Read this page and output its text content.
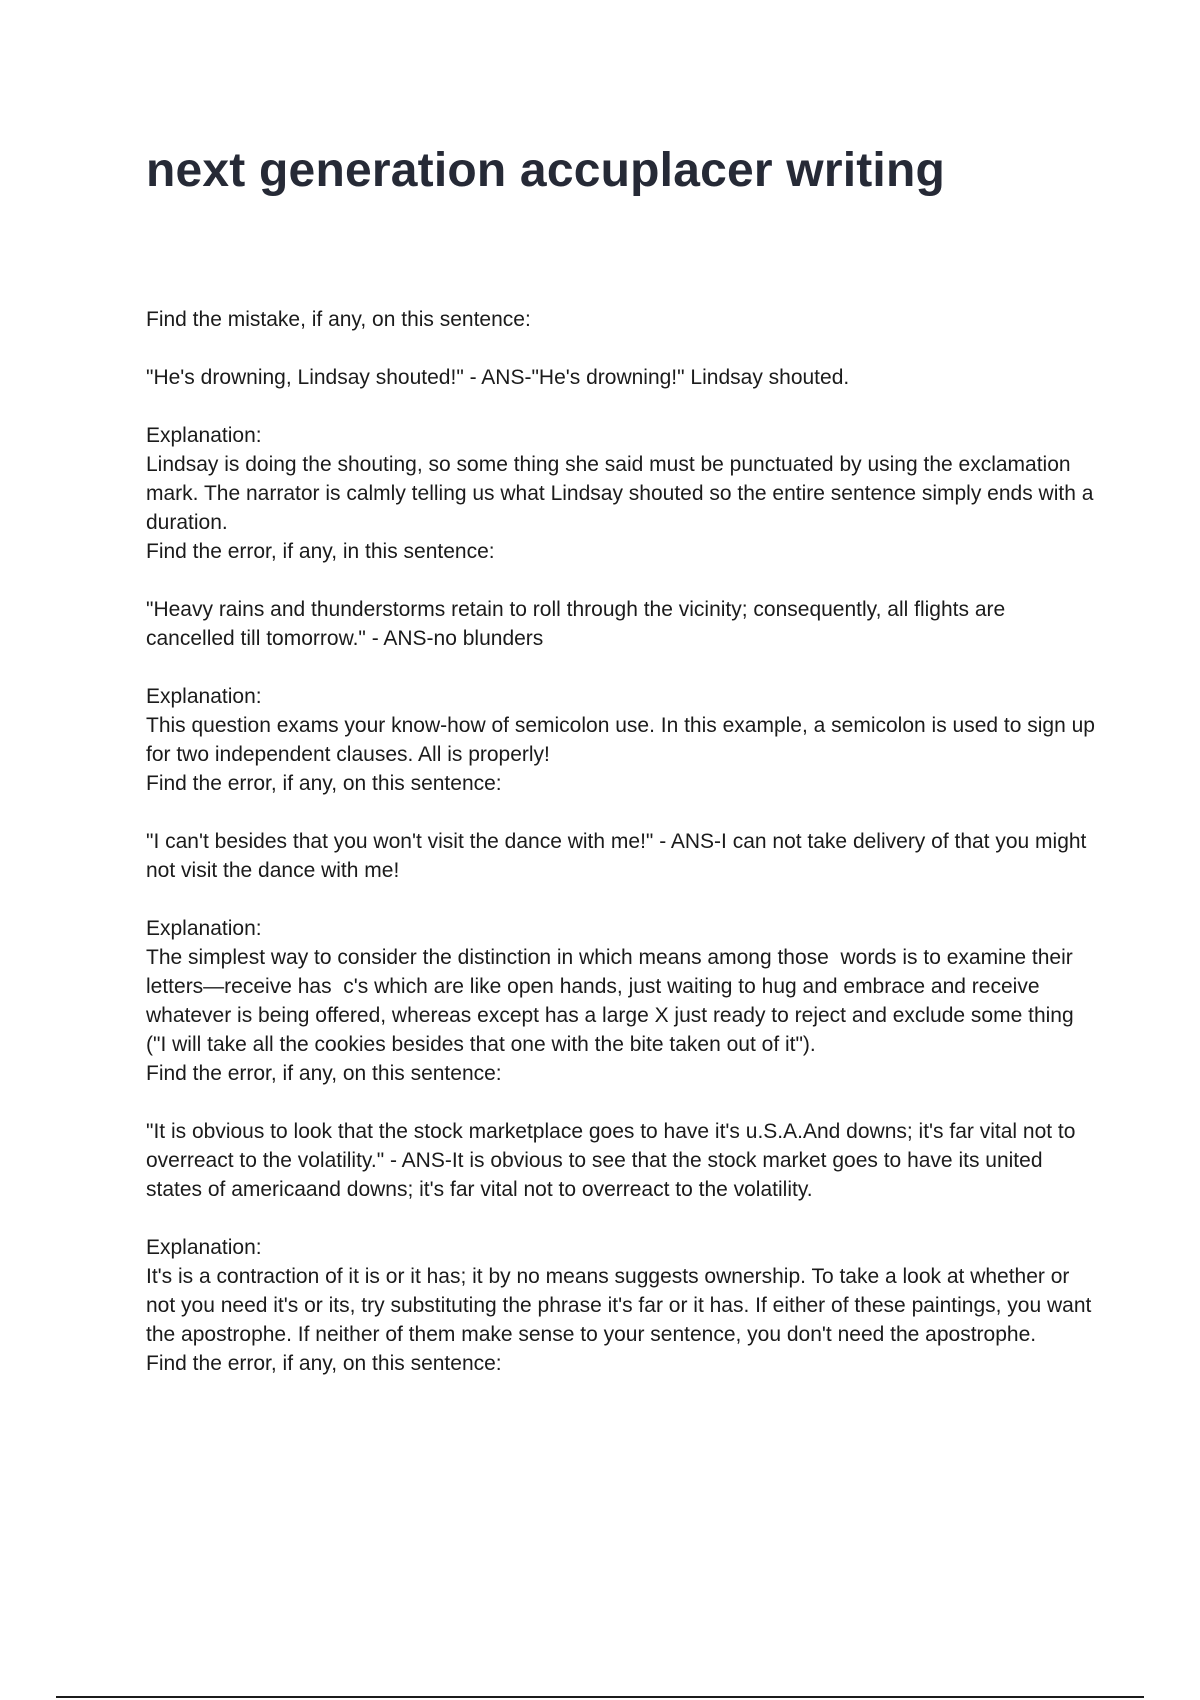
next generation accuplacer writing

Find the mistake, if any, on this sentence:

"He's drowning, Lindsay shouted!" - ANS-"He's drowning!" Lindsay shouted.

Explanation:

Lindsay is doing the shouting, so some thing she said must be punctuated by using the exclamation mark. The narrator is calmly telling us what Lindsay shouted so the entire sentence simply ends with a duration.

Find the error, if any, in this sentence:

"Heavy rains and thunderstorms retain to roll through the vicinity; consequently, all flights are cancelled till tomorrow." - ANS-no blunders

Explanation:

This question exams your know-how of semicolon use. In this example, a semicolon is used to sign up for two independent clauses. All is properly!

Find the error, if any, on this sentence:

"I can't besides that you won't visit the dance with me!" - ANS-I can not take delivery of that you might not visit the dance with me!

Explanation:

The simplest way to consider the distinction in which means among those  words is to examine their letters—receive has  c's which are like open hands, just waiting to hug and embrace and receive whatever is being offered, whereas except has a large X just ready to reject and exclude some thing ("I will take all the cookies besides that one with the bite taken out of it").

Find the error, if any, on this sentence:

"It is obvious to look that the stock marketplace goes to have it's u.S.A.And downs; it's far vital not to overreact to the volatility." - ANS-It is obvious to see that the stock market goes to have its united states of americaand downs; it's far vital not to overreact to the volatility.

Explanation:

It's is a contraction of it is or it has; it by no means suggests ownership. To take a look at whether or not you need it's or its, try substituting the phrase it's far or it has. If either of these paintings, you want the apostrophe. If neither of them make sense to your sentence, you don't need the apostrophe.

Find the error, if any, on this sentence:
